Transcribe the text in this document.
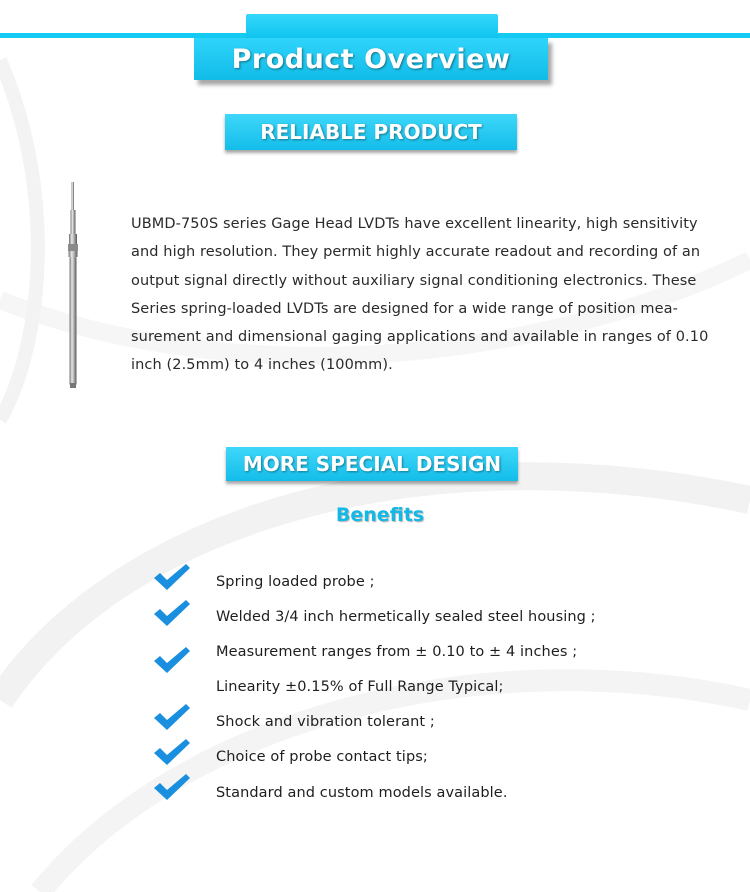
Product Overview
RELIABLE PRODUCT
UBMD-750S series Gage Head LVDTs have excellent linearity, high sensitivity
and high resolution. They permit highly accurate readout and recording of an
output signal directly without auxiliary signal conditioning electronics. These
Series spring-loaded LVDTs are designed for a wide range of position mea-
surement and dimensional gaging applications and available in ranges of 0.10
inch (2.5mm) to 4 inches (100mm).
MORE SPECIAL DESIGN
Benefits
Spring loaded probe ;
Welded 3/4 inch hermetically sealed steel housing ;
Measurement ranges from ± 0.10 to ± 4 inches ;
Linearity ±0.15% of Full Range Typical;
Shock and vibration tolerant ;
Choice of probe contact tips;
Standard and custom models available.
